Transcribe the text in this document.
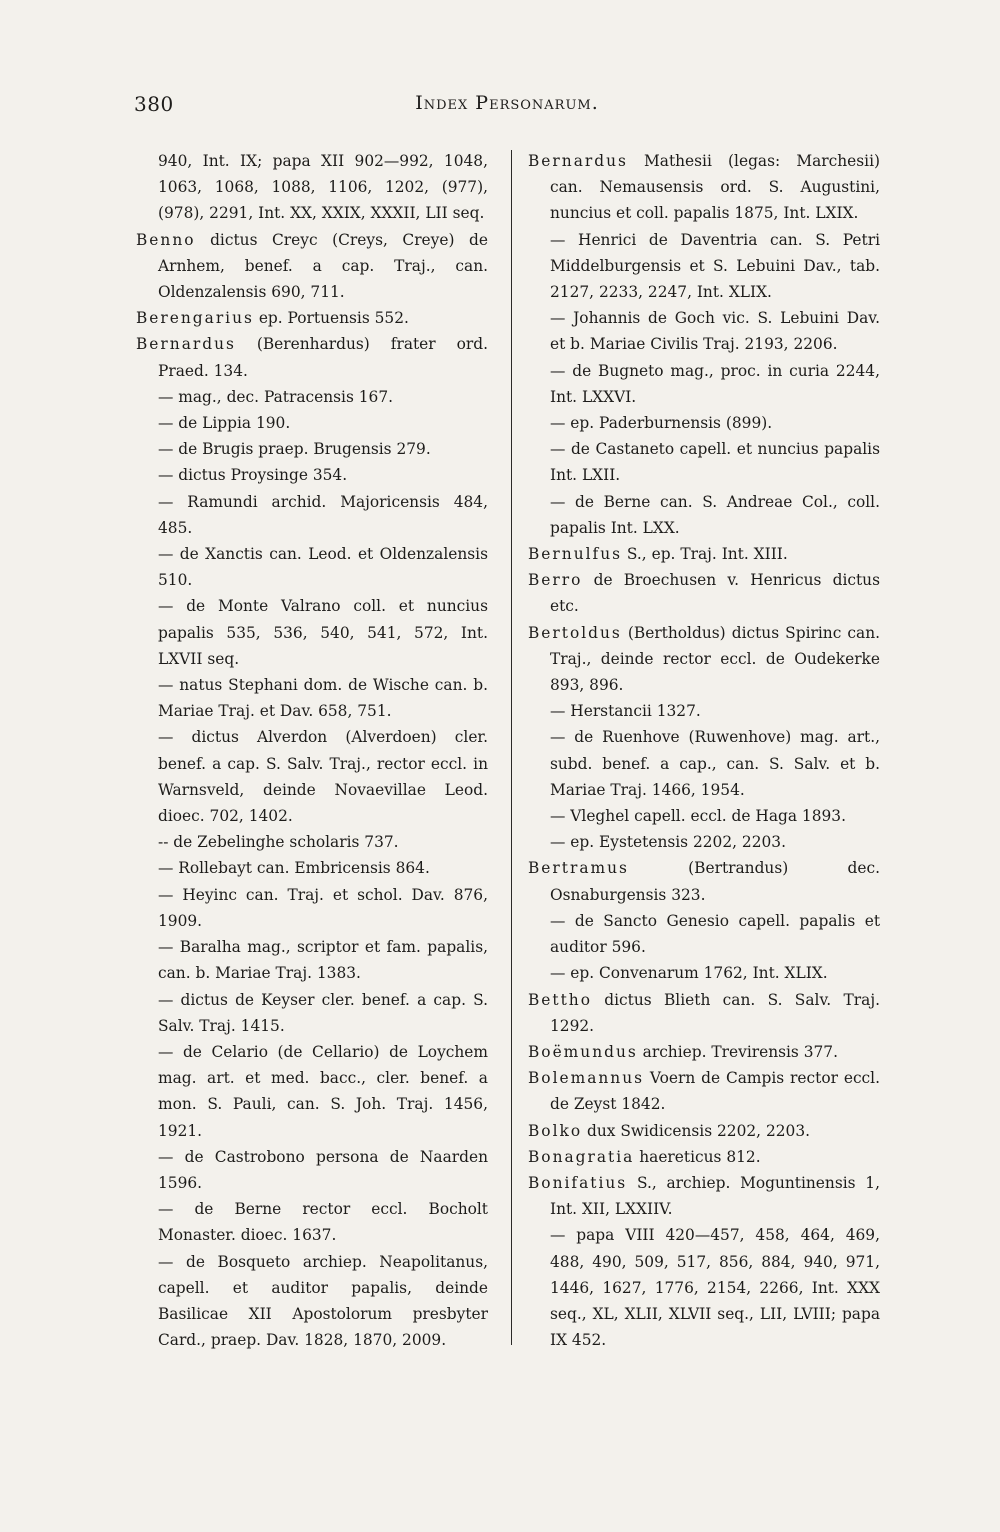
380	Index Personarum.

940, Int. IX; papa XII 902—992, 1048, 1063, 1068, 1088, 1106, 1202, (977), (978), 2291, Int. XX, XXIX, XXXII, LII seq.

Benno dictus Creyc (Creys, Creye) de Arnhem, benef. a cap. Traj., can. Oldenzalensis 690, 711.

Berengarius ep. Portuensis 552.

Bernardus (Berenhardus) frater ord. Praed. 134.

— mag., dec. Patracensis 167.

— de Lippia 190.

— de Brugis praep. Brugensis 279.

— dictus Proysinge 354.

— Ramundi archid. Majoricensis 484, 485.

— de Xanctis can. Leod. et Oldenzalensis 510.

— de Monte Valrano coll. et nuncius papalis 535, 536, 540, 541, 572, Int. LXVII seq.

— natus Stephani dom. de Wische can. b. Mariae Traj. et Dav. 658, 751.

— dictus Alverdon (Alverdoen) cler. benef. a cap. S. Salv. Traj., rector eccl. in Warnsveld, deinde Novaevillae Leod. dioec. 702, 1402.

-- de Zebelinghe scholaris 737.

— Rollebayt can. Embricensis 864.

— Heyinc can. Traj. et schol. Dav. 876, 1909.

— Baralha mag., scriptor et fam. papalis, can. b. Mariae Traj. 1383.

— dictus de Keyser cler. benef. a cap. S. Salv. Traj. 1415.

— de Celario (de Cellario) de Loychem mag. art. et med. bacc., cler. benef. a mon. S. Pauli, can. S. Joh. Traj. 1456, 1921.

— de Castrobono persona de Naarden 1596.

— de Berne rector eccl. Bocholt Monaster. dioec. 1637.

— de Bosqueto archiep. Neapolitanus, capell. et auditor papalis, deinde Basilicae XII Apostolorum presbyter Card., praep. Dav. 1828, 1870, 2009.

Bernardus Mathesii (legas: Marchesii) can. Nemausensis ord. S. Augustini, nuncius et coll. papalis 1875, Int. LXIX.

— Henrici de Daventria can. S. Petri Middelburgensis et S. Lebuini Dav., tab. 2127, 2233, 2247, Int. XLIX.

— Johannis de Goch vic. S. Lebuini Dav. et b. Mariae Civilis Traj. 2193, 2206.

— de Bugneto mag., proc. in curia 2244, Int. LXXVI.

— ep. Paderburnensis (899).

— de Castaneto capell. et nuncius papalis Int. LXII.

— de Berne can. S. Andreae Col., coll. papalis Int. LXX.

Bernulfus S., ep. Traj. Int. XIII.

Berro de Broechusen v. Henricus dictus etc.

Bertoldus (Bertholdus) dictus Spirinc can. Traj., deinde rector eccl. de Oudekerke 893, 896.

— Herstancii 1327.

— de Ruenhove (Ruwenhove) mag. art., subd. benef. a cap., can. S. Salv. et b. Mariae Traj. 1466, 1954.

— Vleghel capell. eccl. de Haga 1893.

— ep. Eystetensis 2202, 2203.

Bertramus (Bertrandus) dec. Osnaburgensis 323.

— de Sancto Genesio capell. papalis et auditor 596.

— ep. Convenarum 1762, Int. XLIX.

Bettho dictus Blieth can. S. Salv. Traj. 1292.

Boëmundus archiep. Trevirensis 377.

Bolemannus Voern de Campis rector eccl. de Zeyst 1842.

Bolko dux Swidicensis 2202, 2203.

Bonagratia haereticus 812.

Bonifatius S., archiep. Moguntinensis 1, Int. XII, LXXIIV.

— papa VIII 420—457, 458, 464, 469, 488, 490, 509, 517, 856, 884, 940, 971, 1446, 1627, 1776, 2154, 2266, Int. XXX seq., XL, XLII, XLVII seq., LII, LVIII; papa IX 452.
